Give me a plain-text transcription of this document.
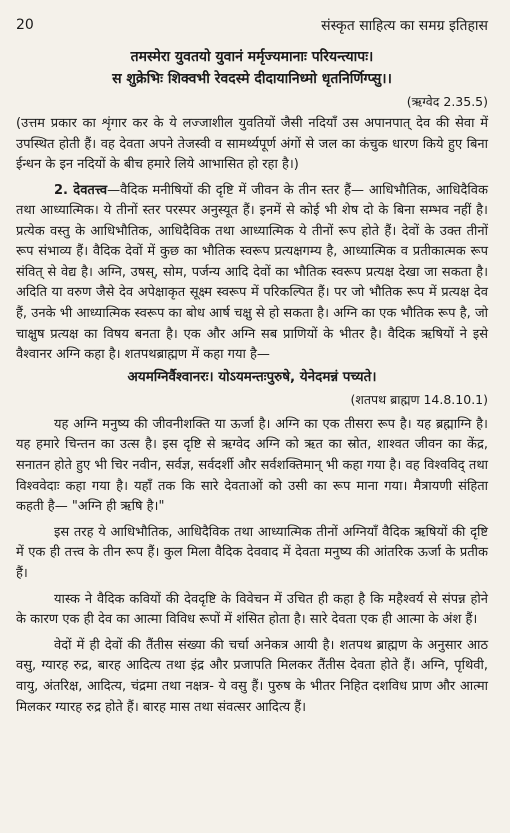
20	संस्कृत साहित्य का समग्र इतिहास
तमस्मेरा युवतयो युवानं मर्मृज्यमानाः परियन्त्यापः।
स शुक्रेभिः शिक्वभी रेवदस्मे दीदायानिध्मो धृतनिर्णिग्प्सु।।
(ऋग्वेद 2.35.5)

(उत्तम प्रकार का शृंगार कर के ये लज्जाशील युवतियों जैसी नदियाँ उस अपानपात् देव की सेवा में उपस्थित होती हैं। वह देवता अपने तेजस्वी व सामर्थ्यपूर्ण अंगों से जल का कंचुक धारण किये हुए बिना ईन्धन के इन नदियों के बीच हमारे लिये आभासित हो रहा है।)

2. देवतत्त्व—वैदिक मनीषियों की दृष्टि में जीवन के तीन स्तर हैं— आधिभौतिक, आधिदैविक तथा आध्यात्मिक। ये तीनों स्तर परस्पर अनुस्यूत हैं। इनमें से कोई भी शेष दो के बिना सम्भव नहीं है। प्रत्येक वस्तु के आधिभौतिक, आधिदैविक तथा आध्यात्मिक ये तीनों रूप होते हैं। देवों के उक्त तीनों रूप संभाव्य हैं। वैदिक देवों में कुछ का भौतिक स्वरूप प्रत्यक्षगम्य है, आध्यात्मिक व प्रतीकात्मक रूप संवित् से वेद्य है। अग्नि, उषस्, सोम, पर्जन्य आदि देवों का भौतिक स्वरूप प्रत्यक्ष देखा जा सकता है। अदिति या वरुण जैसे देव अपेक्षाकृत सूक्ष्म स्वरूप में परिकल्पित हैं। पर जो भौतिक रूप में प्रत्यक्ष देव हैं, उनके भी आध्यात्मिक स्वरूप का बोध आर्ष चक्षु से हो सकता है। अग्नि का एक भौतिक रूप है, जो चाक्षुष प्रत्यक्ष का विषय बनता है। एक और अग्नि सब प्राणियों के भीतर है। वैदिक ऋषियों ने इसे वैश्वानर अग्नि कहा है। शतपथब्राह्मण में कहा गया है—

अयमग्निर्वैश्वानरः। योऽयमन्तःपुरुषे, येनेदमन्नं पच्यते।
(शतपथ ब्राह्मण 14.8.10.1)

यह अग्नि मनुष्य की जीवनीशक्ति या ऊर्जा है। अग्नि का एक तीसरा रूप है। यह ब्रह्माग्नि है। यह हमारे चिन्तन का उत्स है। इस दृष्टि से ऋग्वेद अग्नि को ऋत का स्रोत, शाश्वत जीवन का केंद्र, सनातन होते हुए भी चिर नवीन, सर्वज्ञ, सर्वदर्शी और सर्वशक्तिमान् भी कहा गया है। वह विश्वविद् तथा विश्ववेदाः कहा गया है। यहाँ तक कि सारे देवताओं को उसी का रूप माना गया। मैत्रायणी संहिता कहती है— "अग्नि ही ऋषि है।"

इस तरह ये आधिभौतिक, आधिदैविक तथा आध्यात्मिक तीनों अग्नियाँ वैदिक ऋषियों की दृष्टि में एक ही तत्त्व के तीन रूप हैं। कुल मिला वैदिक देववाद में देवता मनुष्य की आंतरिक ऊर्जा के प्रतीक हैं।

यास्क ने वैदिक कवियों की देवदृष्टि के विवेचन में उचित ही कहा है कि महैश्वर्य से संपन्न होने के कारण एक ही देव का आत्मा विविध रूपों में शंसित होता है। सारे देवता एक ही आत्मा के अंश हैं।

वेदों में ही देवों की तैंतीस संख्या की चर्चा अनेकत्र आयी है। शतपथ ब्राह्मण के अनुसार आठ वसु, ग्यारह रुद्र, बारह आदित्य तथा इंद्र और प्रजापति मिलकर तैंतीस देवता होते हैं। अग्नि, पृथिवी, वायु, अंतरिक्ष, आदित्य, चंद्रमा तथा नक्षत्र- ये वसु हैं। पुरुष के भीतर निहित दशविध प्राण और आत्मा मिलकर ग्यारह रुद्र होते हैं। बारह मास तथा संवत्सर आदित्य हैं।
